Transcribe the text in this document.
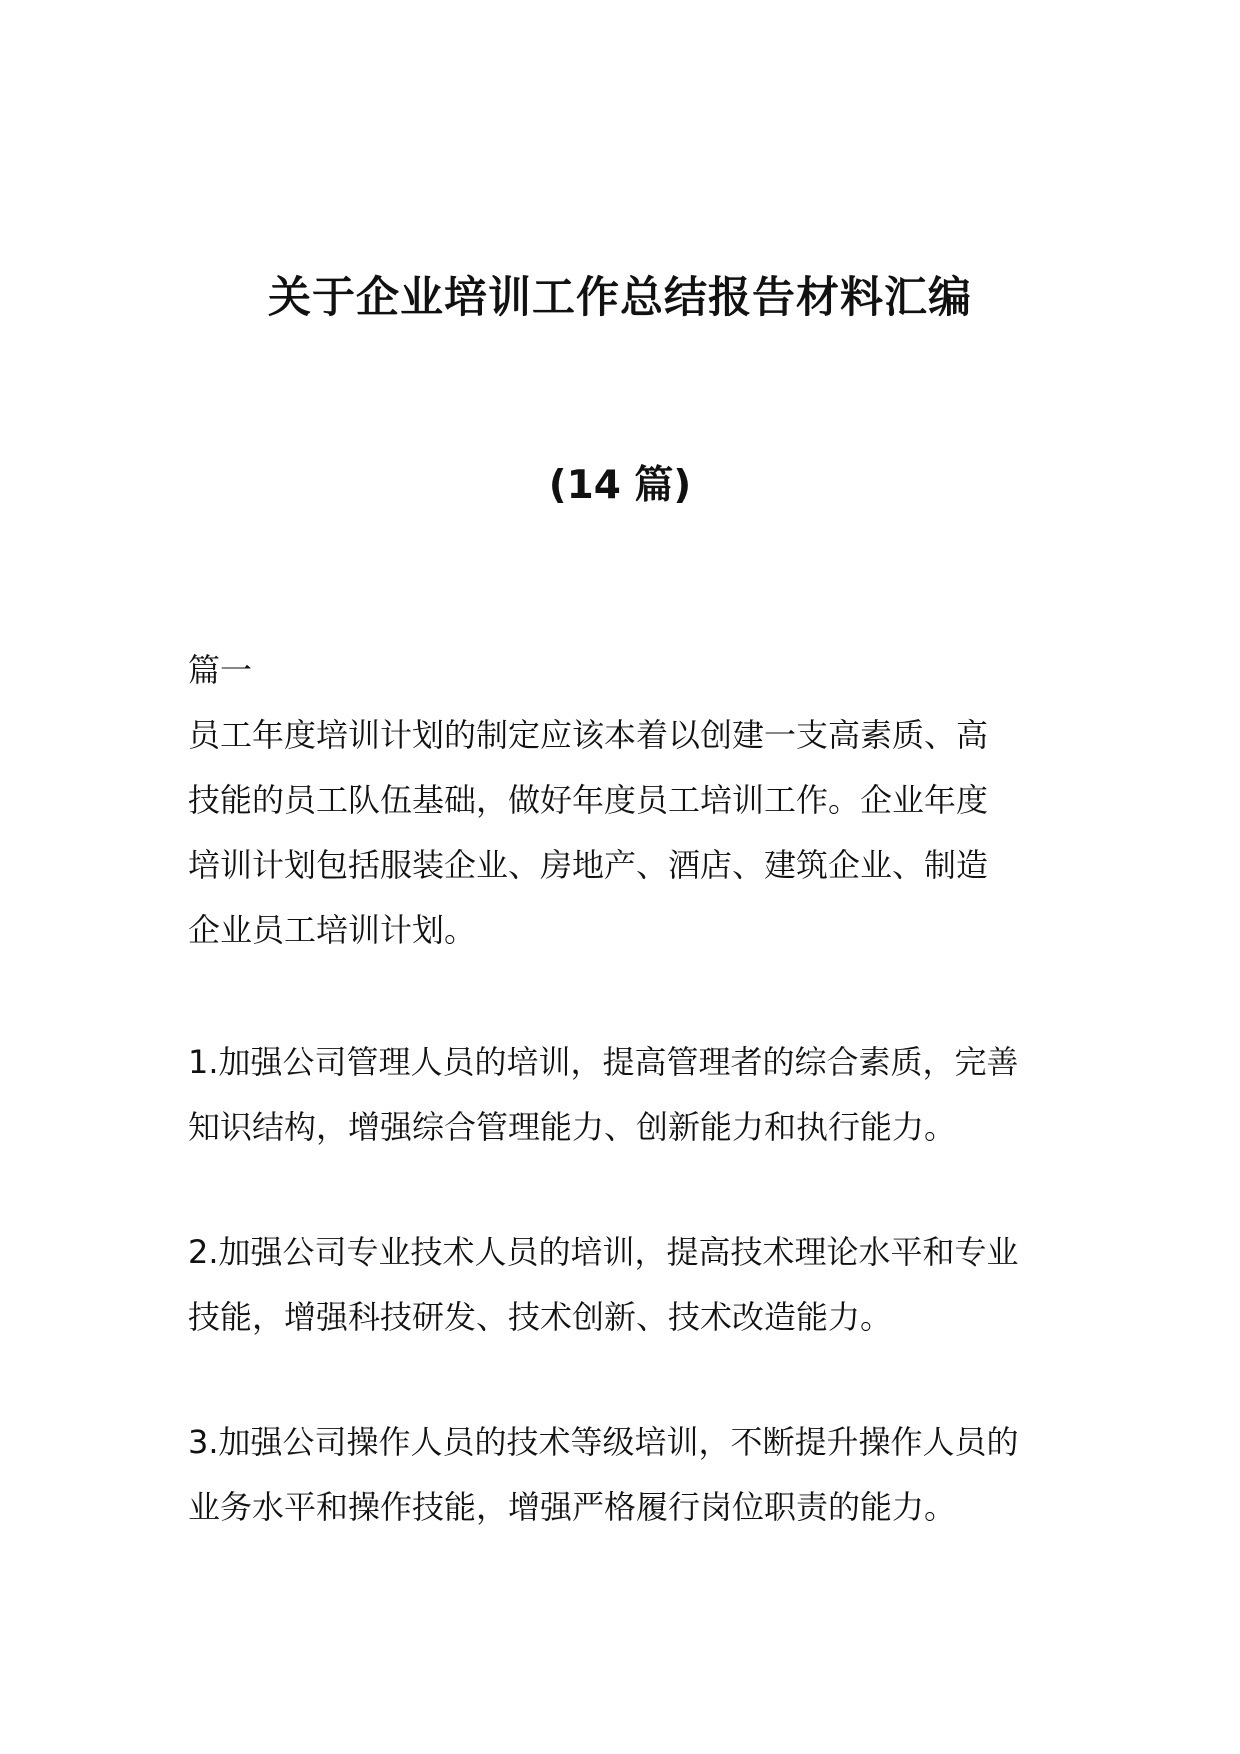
关于企业培训工作总结报告材料汇编
(14 篇)
篇一
员工年度培训计划的制定应该本着以创建一支高素质、高
技能的员工队伍基础，做好年度员工培训工作。企业年度
培训计划包括服装企业、房地产、酒店、建筑企业、制造
企业员工培训计划。
1.加强公司管理人员的培训，提高管理者的综合素质，完善
知识结构，增强综合管理能力、创新能力和执行能力。
2.加强公司专业技术人员的培训，提高技术理论水平和专业
技能，增强科技研发、技术创新、技术改造能力。
3.加强公司操作人员的技术等级培训，不断提升操作人员的
业务水平和操作技能，增强严格履行岗位职责的能力。
